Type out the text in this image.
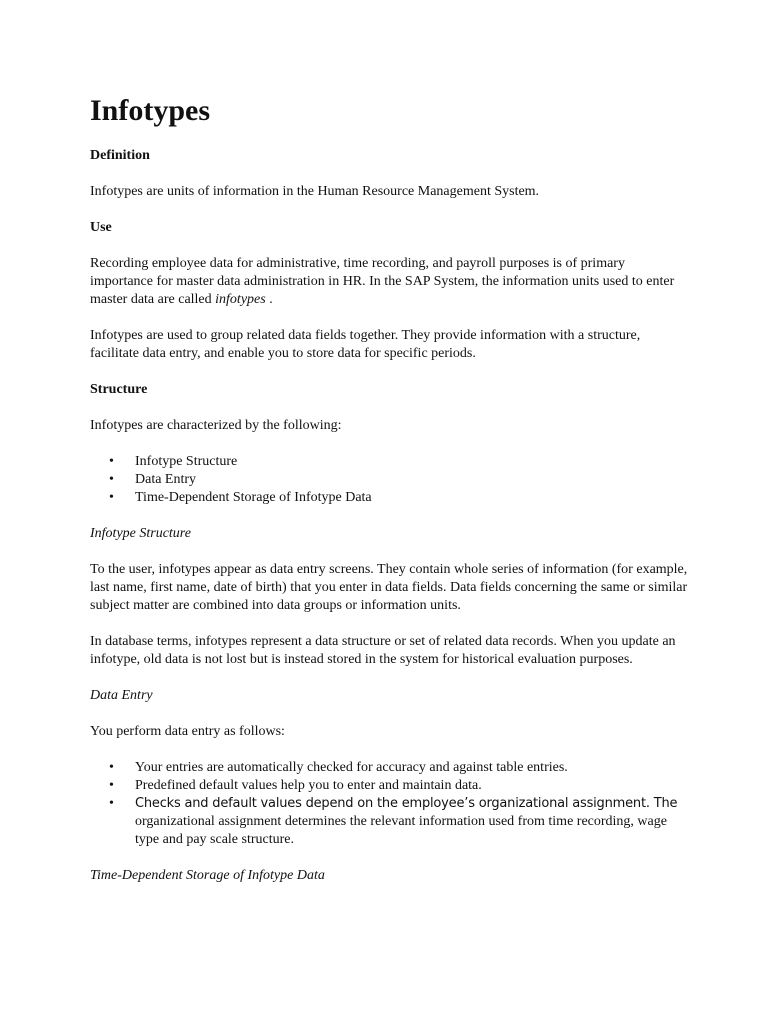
Infotypes
Definition

Infotypes are units of information in the Human Resource Management System.

Use

Recording employee data for administrative, time recording, and payroll purposes is of primary importance for master data administration in HR. In the SAP System, the information units used to enter master data are called infotypes .

Infotypes are used to group related data fields together. They provide information with a structure, facilitate data entry, and enable you to store data for specific periods.

Structure

Infotypes are characterized by the following:

• Infotype Structure
• Data Entry
• Time-Dependent Storage of Infotype Data
Infotype Structure

To the user, infotypes appear as data entry screens. They contain whole series of information (for example, last name, first name, date of birth) that you enter in data fields. Data fields concerning the same or similar subject matter are combined into data groups or information units.

In database terms, infotypes represent a data structure or set of related data records. When you update an infotype, old data is not lost but is instead stored in the system for historical evaluation purposes.

Data Entry

You perform data entry as follows:

• Your entries are automatically checked for accuracy and against table entries.
• Predefined default values help you to enter and maintain data.
• Checks and default values depend on the employee’s organizational assignment. The organizational assignment determines the relevant information used from time recording, wage type and pay scale structure.
Time-Dependent Storage of Infotype Data
